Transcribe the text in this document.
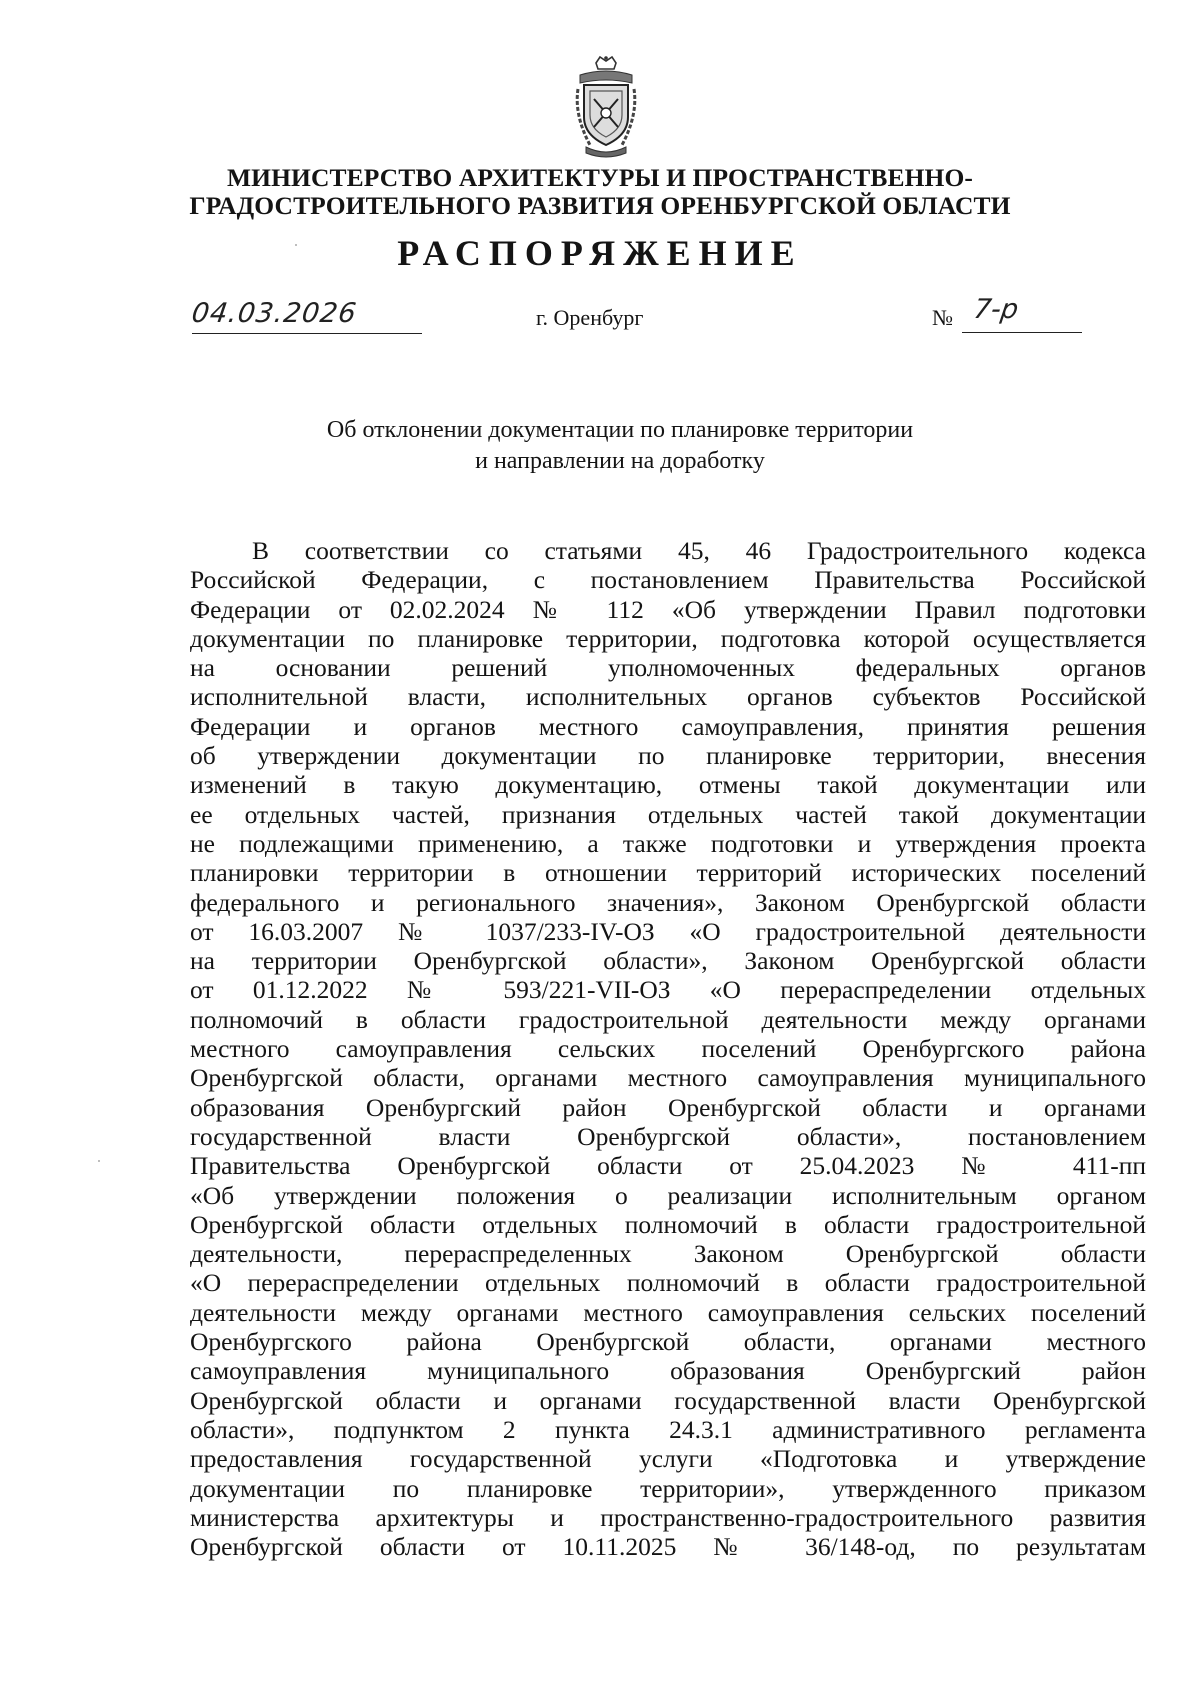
МИНИСТЕРСТВО АРХИТЕКТУРЫ И ПРОСТРАНСТВЕННО-
ГРАДОСТРОИТЕЛЬНОГО РАЗВИТИЯ ОРЕНБУРГСКОЙ ОБЛАСТИ
РАСПОРЯЖЕНИЕ
04.03.2026	г. Оренбург	№ 7-р
Об отклонении документации по планировке территории
и направлении на доработку
В соответствии со статьями 45, 46 Градостроительного кодекса
Российской Федерации, с постановлением Правительства Российской
Федерации от 02.02.2024 № 112 «Об утверждении Правил подготовки
документации по планировке территории, подготовка которой осуществляется
на основании решений уполномоченных федеральных органов
исполнительной власти, исполнительных органов субъектов Российской
Федерации и органов местного самоуправления, принятия решения
об утверждении документации по планировке территории, внесения
изменений в такую документацию, отмены такой документации или
ее отдельных частей, признания отдельных частей такой документации
не подлежащими применению, а также подготовки и утверждения проекта
планировки территории в отношении территорий исторических поселений
федерального и регионального значения», Законом Оренбургской области
от 16.03.2007 № 1037/233-IV-ОЗ «О градостроительной деятельности
на территории Оренбургской области», Законом Оренбургской области
от 01.12.2022 № 593/221-VII-ОЗ «О перераспределении отдельных
полномочий в области градостроительной деятельности между органами
местного самоуправления сельских поселений Оренбургского района
Оренбургской области, органами местного самоуправления муниципального
образования Оренбургский район Оренбургской области и органами
государственной власти Оренбургской области», постановлением
Правительства Оренбургской области от 25.04.2023 № 411-пп
«Об утверждении положения о реализации исполнительным органом
Оренбургской области отдельных полномочий в области градостроительной
деятельности, перераспределенных Законом Оренбургской области
«О перераспределении отдельных полномочий в области градостроительной
деятельности между органами местного самоуправления сельских поселений
Оренбургского района Оренбургской области, органами местного
самоуправления муниципального образования Оренбургский район
Оренбургской области и органами государственной власти Оренбургской
области», подпунктом 2 пункта 24.3.1 административного регламента
предоставления государственной услуги «Подготовка и утверждение
документации по планировке территории», утвержденного приказом
министерства архитектуры и пространственно-градостроительного развития
Оренбургской области от 10.11.2025 № 36/148-од, по результатам
